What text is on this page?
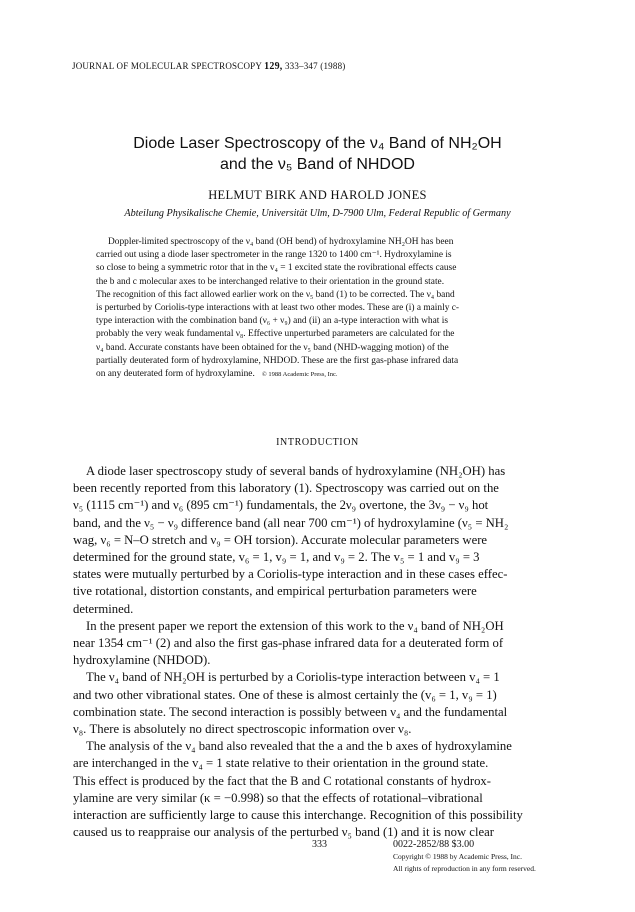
JOURNAL OF MOLECULAR SPECTROSCOPY 129, 333–347 (1988)

Diode Laser Spectroscopy of the ν₄ Band of NH₂OH

and the ν₅ Band of NHDOD

HELMUT BIRK AND HAROLD JONES
Abteilung Physikalische Chemie, Universität Ulm, D-7900 Ulm, Federal Republic of Germany
Doppler-limited spectroscopy of the ν₄ band (OH bend) of hydroxylamine NH₂OH has been
carried out using a diode laser spectrometer in the range 1320 to 1400 cm⁻¹. Hydroxylamine is
so close to being a symmetric rotor that in the v₄ = 1 excited state the rovibrational effects cause
the b and c molecular axes to be interchanged relative to their orientation in the ground state.
The recognition of this fact allowed earlier work on the ν₅ band (1) to be corrected. The ν₄ band
is perturbed by Coriolis-type interactions with at least two other modes. These are (i) a mainly c-
type interaction with the combination band (ν₆ + ν₉) and (ii) an a-type interaction with what is
probably the very weak fundamental ν₈. Effective unperturbed parameters are calculated for the
ν₄ band. Accurate constants have been obtained for the ν₅ band (NHD-wagging motion) of the
partially deuterated form of hydroxylamine, NHDOD. These are the first gas-phase infrared data
on any deuterated form of hydroxylamine. © 1988 Academic Press, Inc.
INTRODUCTION
A diode laser spectroscopy study of several bands of hydroxylamine (NH₂OH) has
been recently reported from this laboratory (1). Spectroscopy was carried out on the
ν₅ (1115 cm⁻¹) and ν₆ (895 cm⁻¹) fundamentals, the 2ν₉ overtone, the 3ν₉ − ν₉ hot
band, and the ν₅ − ν₉ difference band (all near 700 cm⁻¹) of hydroxylamine (ν₅ = NH₂
wag, ν₆ = N–O stretch and ν₉ = OH torsion). Accurate molecular parameters were
determined for the ground state, v₆ = 1, v₉ = 1, and v₉ = 2. The v₅ = 1 and v₉ = 3
states were mutually perturbed by a Coriolis-type interaction and in these cases effec-
tive rotational, distortion constants, and empirical perturbation parameters were
determined.
In the present paper we report the extension of this work to the ν₄ band of NH₂OH
near 1354 cm⁻¹ (2) and also the first gas-phase infrared data for a deuterated form of
hydroxylamine (NHDOD).
The ν₄ band of NH₂OH is perturbed by a Coriolis-type interaction between v₄ = 1
and two other vibrational states. One of these is almost certainly the (v₆ = 1, v₉ = 1)
combination state. The second interaction is possibly between ν₄ and the fundamental
ν₈. There is absolutely no direct spectroscopic information over ν₈.
The analysis of the ν₄ band also revealed that the a and the b axes of hydroxylamine
are interchanged in the v₄ = 1 state relative to their orientation in the ground state.
This effect is produced by the fact that the B and C rotational constants of hydrox-
ylamine are very similar (κ = −0.998) so that the effects of rotational–vibrational
interaction are sufficiently large to cause this interchange. Recognition of this possibility
caused us to reappraise our analysis of the perturbed ν₅ band (1) and it is now clear
333	0022-2852/88 $3.00
Copyright © 1988 by Academic Press, Inc.
All rights of reproduction in any form reserved.
